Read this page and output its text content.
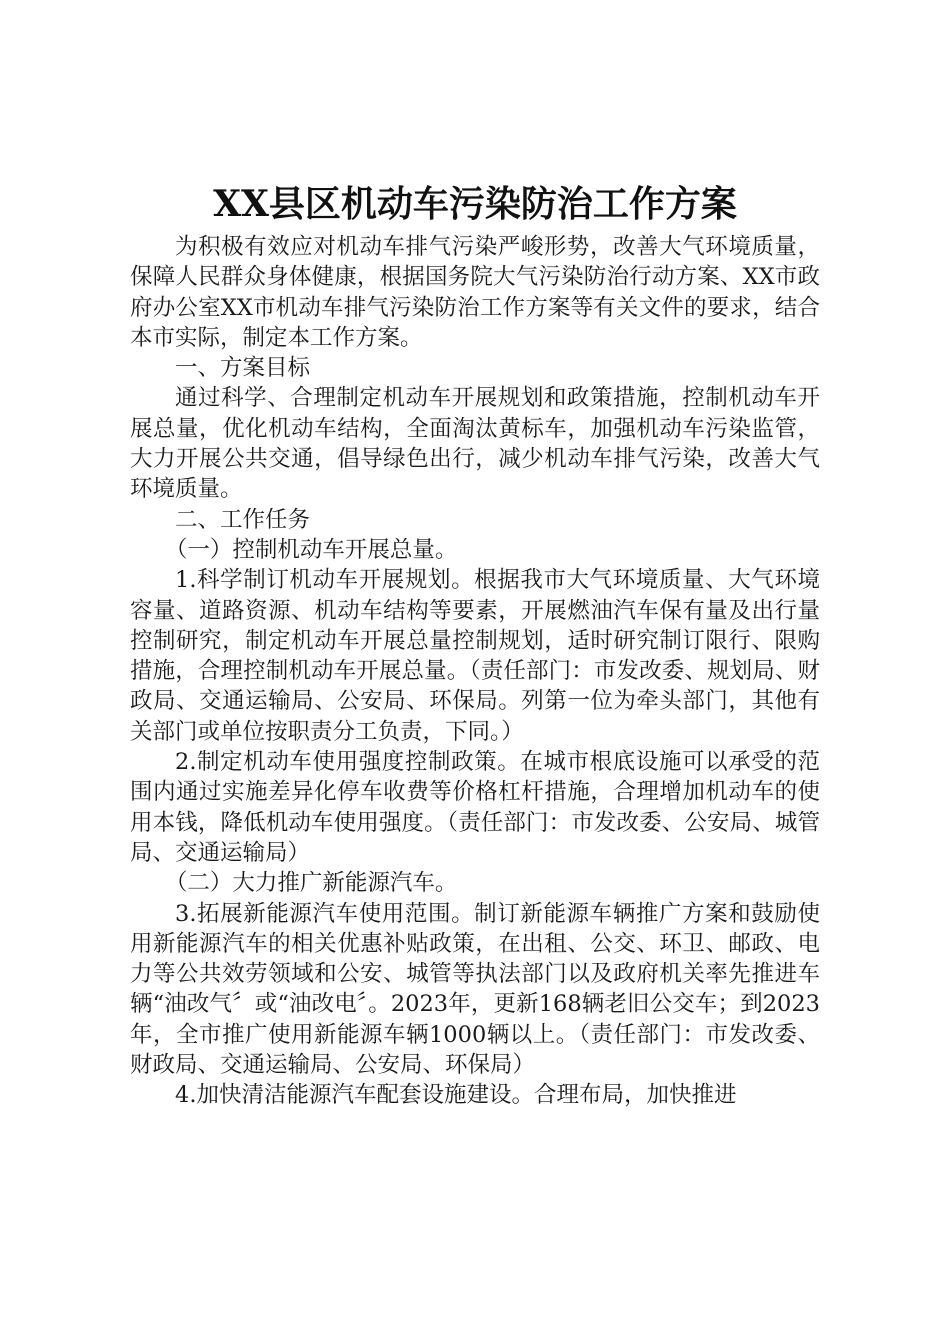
XX县区机动车污染防治工作方案

为积极有效应对机动车排气污染严峻形势，改善大气环境质量，保障人民群众身体健康，根据国务院大气污染防治行动方案、XX市政府办公室XX市机动车排气污染防治工作方案等有关文件的要求，结合本市实际，制定本工作方案。

一、方案目标

通过科学、合理制定机动车开展规划和政策措施，控制机动车开展总量，优化机动车结构，全面淘汰黄标车，加强机动车污染监管，大力开展公共交通，倡导绿色出行，减少机动车排气污染，改善大气环境质量。

二、工作任务

（一）控制机动车开展总量。

1.科学制订机动车开展规划。根据我市大气环境质量、大气环境容量、道路资源、机动车结构等要素，开展燃油汽车保有量及出行量控制研究，制定机动车开展总量控制规划，适时研究制订限行、限购措施，合理控制机动车开展总量。（责任部门：市发改委、规划局、财政局、交通运输局、公安局、环保局。列第一位为牵头部门，其他有关部门或单位按职责分工负责，下同。）

2.制定机动车使用强度控制政策。在城市根底设施可以承受的范围内通过实施差异化停车收费等价格杠杆措施，合理增加机动车的使用本钱，降低机动车使用强度。（责任部门：市发改委、公安局、城管局、交通运输局）

（二）大力推广新能源汽车。

3.拓展新能源汽车使用范围。制订新能源车辆推广方案和鼓励使用新能源汽车的相关优惠补贴政策，在出租、公交、环卫、邮政、电力等公共效劳领域和公安、城管等执法部门以及政府机关率先推进车辆“油改气〞或“油改电〞。2023年，更新168辆老旧公交车；到2023年，全市推广使用新能源车辆1000辆以上。（责任部门：市发改委、财政局、交通运输局、公安局、环保局）

4.加快清洁能源汽车配套设施建设。合理布局，加快推进
